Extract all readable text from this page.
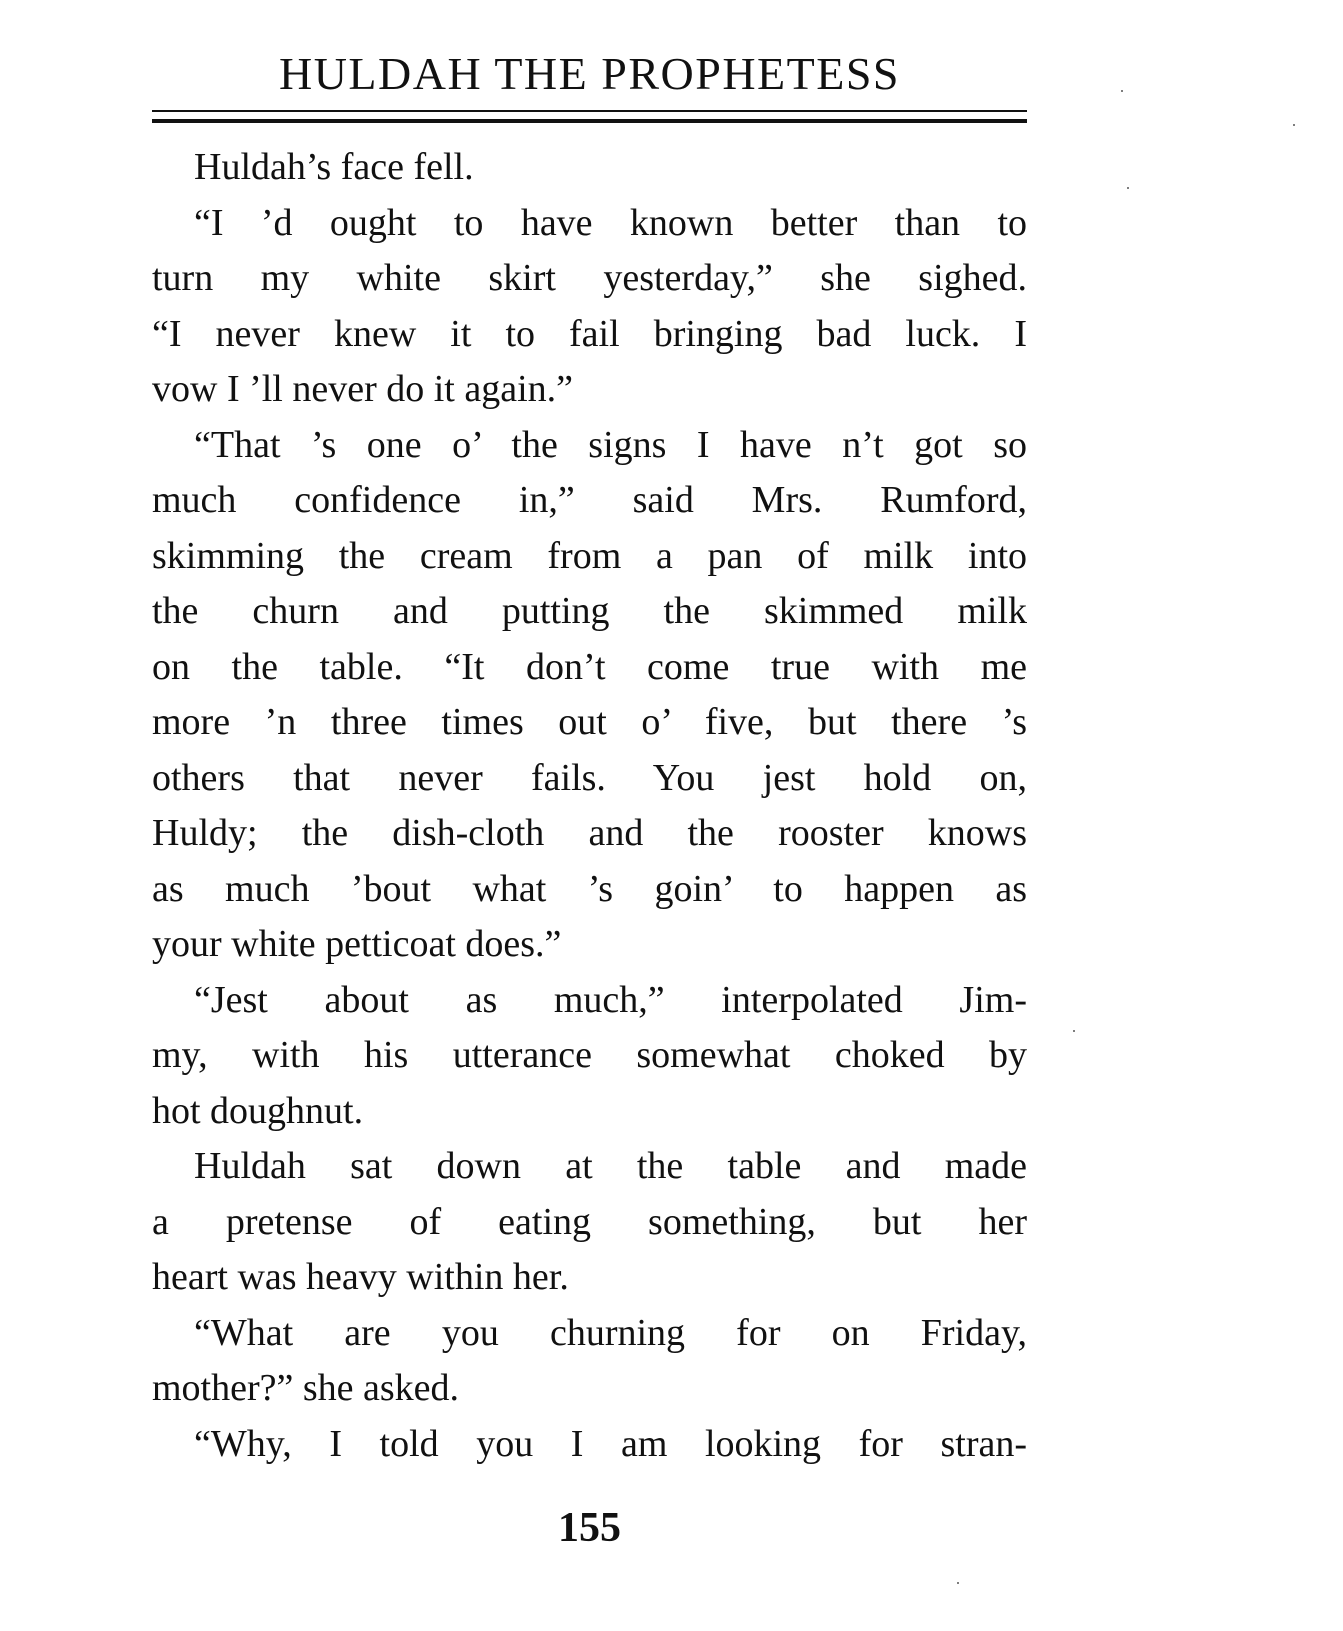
HULDAH THE PROPHETESS
Huldah’s face fell.
“I ’d ought to have known better than to
turn my white skirt yesterday,” she sighed.
“I never knew it to fail bringing bad luck. I
vow I ’ll never do it again.”
“That ’s one o’ the signs I have n’t got so
much confidence in,” said Mrs. Rumford,
skimming the cream from a pan of milk into
the churn and putting the skimmed milk
on the table. “It don’t come true with me
more ’n three times out o’ five, but there ’s
others that never fails. You jest hold on,
Huldy; the dish-cloth and the rooster knows
as much ’bout what ’s goin’ to happen as
your white petticoat does.”
“Jest about as much,” interpolated Jim-
my, with his utterance somewhat choked by
hot doughnut.
Huldah sat down at the table and made
a pretense of eating something, but her
heart was heavy within her.
“What are you churning for on Friday,
mother?” she asked.
“Why, I told you I am looking for stran-
155
